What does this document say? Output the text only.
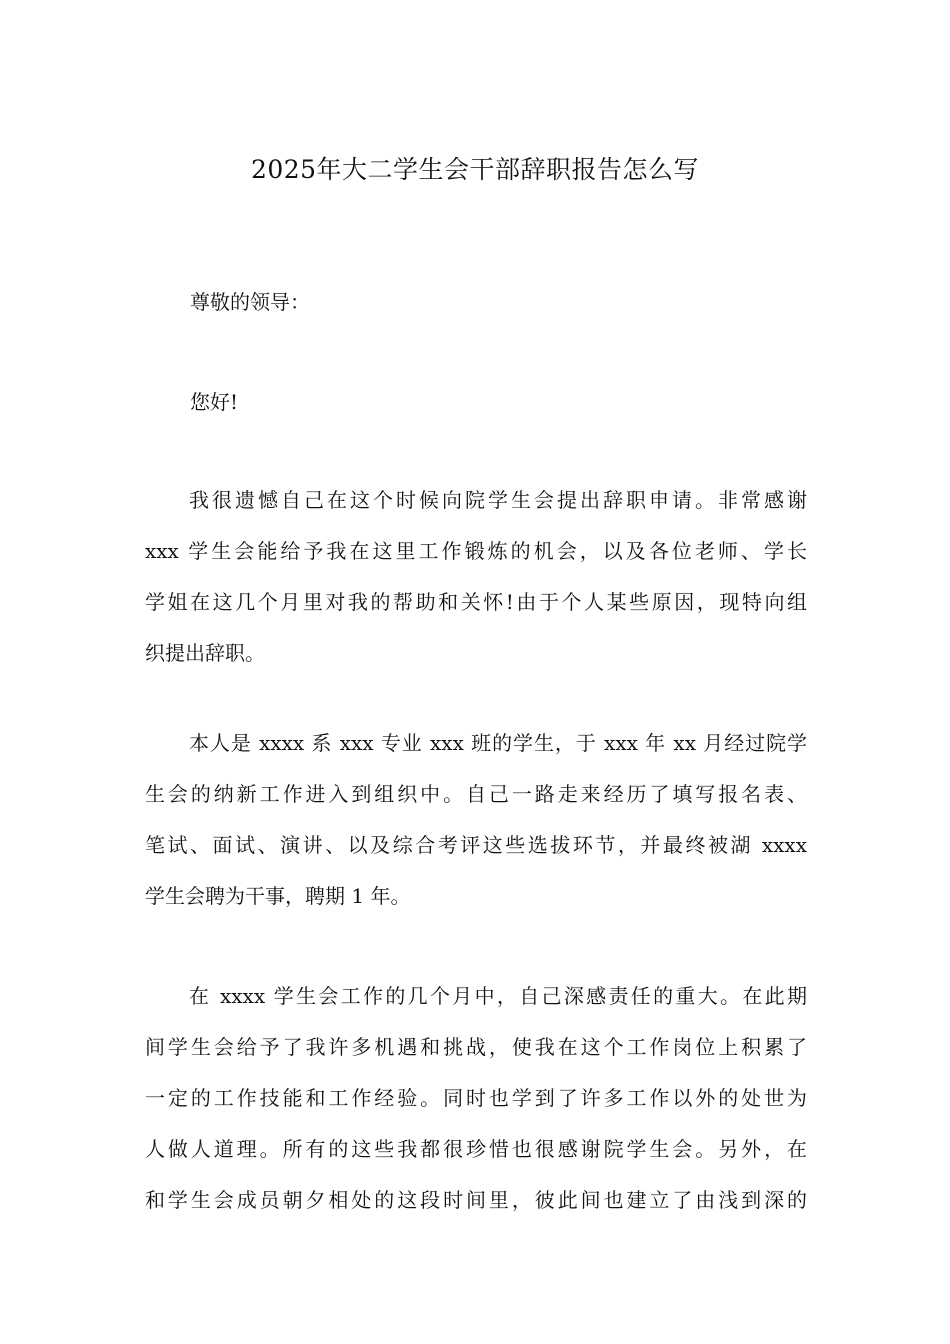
2025年大二学生会干部辞职报告怎么写
尊敬的领导：
您好!
我很遗憾自己在这个时候向院学生会提出辞职申请。非常感谢
xxx 学生会能给予我在这里工作锻炼的机会，以及各位老师、学长
学姐在这几个月里对我的帮助和关怀!由于个人某些原因，现特向组
织提出辞职。
本人是 xxxx 系 xxx 专业 xxx 班的学生，于 xxx 年 xx 月经过院学
生会的纳新工作进入到组织中。自己一路走来经历了填写报名表、
笔试、面试、演讲、以及综合考评这些选拔环节，并最终被湖 xxxx
学生会聘为干事，聘期 1 年。
在 xxxx 学生会工作的几个月中，自己深感责任的重大。在此期
间学生会给予了我许多机遇和挑战，使我在这个工作岗位上积累了
一定的工作技能和工作经验。同时也学到了许多工作以外的处世为
人做人道理。所有的这些我都很珍惜也很感谢院学生会。另外，在
和学生会成员朝夕相处的这段时间里，彼此间也建立了由浅到深的
